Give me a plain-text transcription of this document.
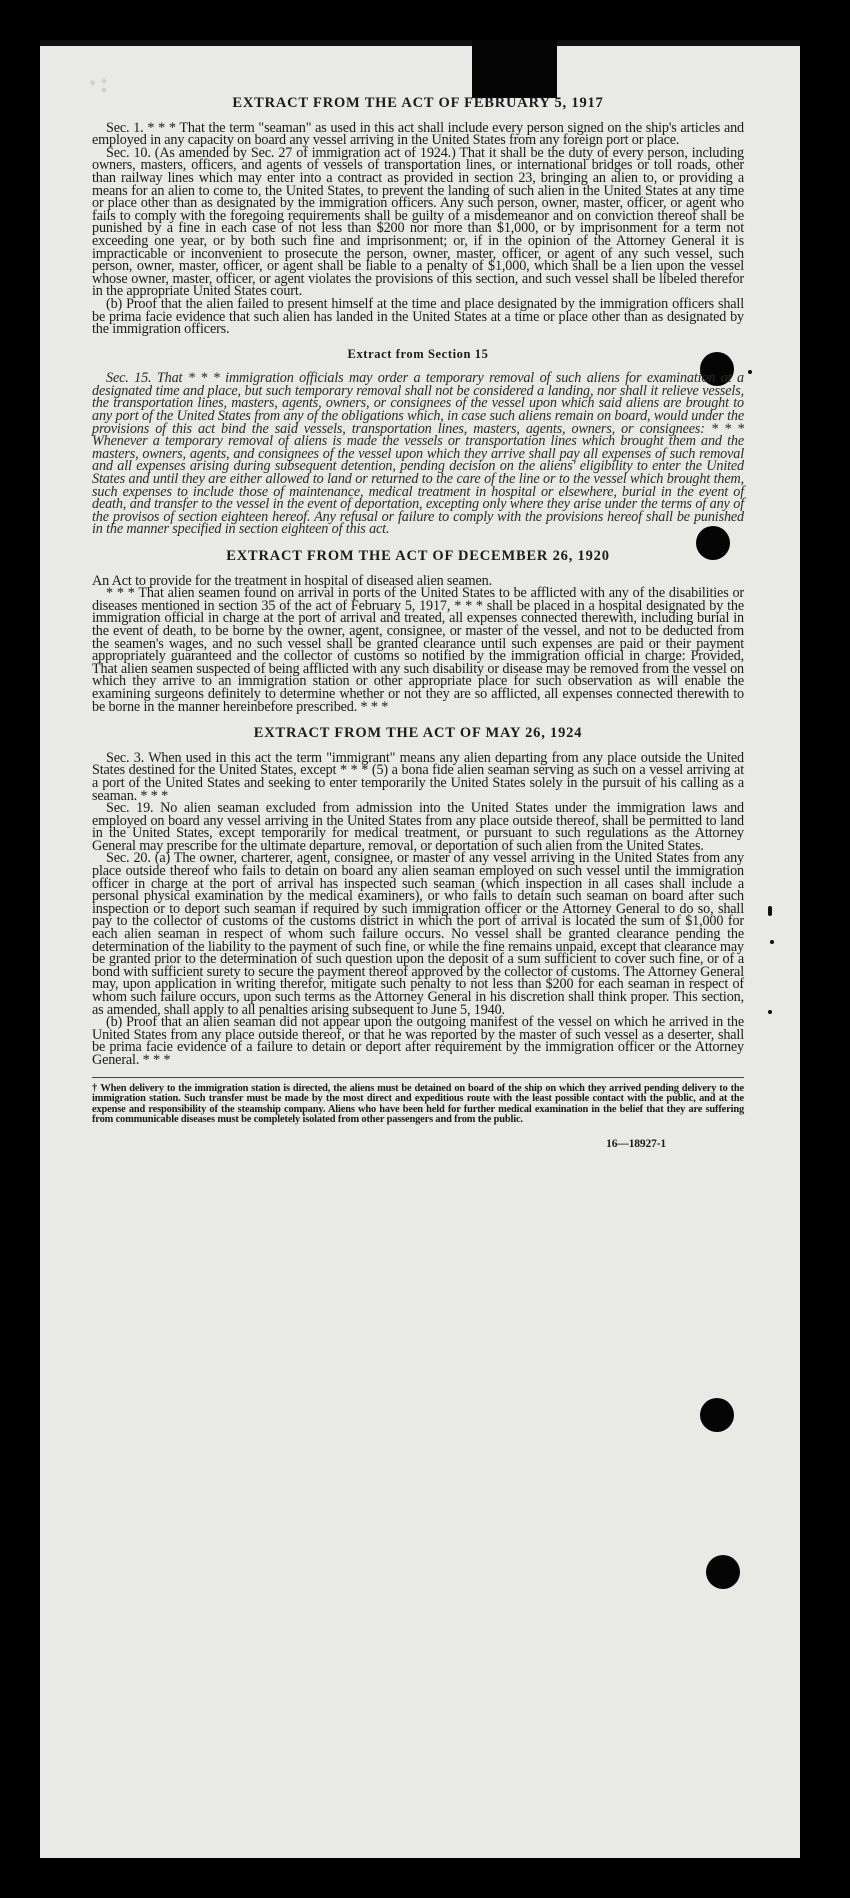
·:
EXTRACT FROM THE ACT OF FEBRUARY 5, 1917

Sec. 1. * * * That the term "seaman" as used in this act shall include every person signed on the ship's articles and employed in any capacity on board any vessel arriving in the United States from any foreign port or place.

Sec. 10. (As amended by Sec. 27 of immigration act of 1924.) That it shall be the duty of every person, including owners, masters, officers, and agents of vessels of transportation lines, or international bridges or toll roads, other than railway lines which may enter into a contract as provided in section 23, bringing an alien to, or providing a means for an alien to come to, the United States, to prevent the landing of such alien in the United States at any time or place other than as designated by the immigration officers. Any such person, owner, master, officer, or agent who fails to comply with the foregoing requirements shall be guilty of a misdemeanor and on conviction thereof shall be punished by a fine in each case of not less than $200 nor more than $1,000, or by imprisonment for a term not exceeding one year, or by both such fine and imprisonment; or, if in the opinion of the Attorney General it is impracticable or inconvenient to prosecute the person, owner, master, officer, or agent of any such vessel, such person, owner, master, officer, or agent shall be liable to a penalty of $1,000, which shall be a lien upon the vessel whose owner, master, officer, or agent violates the provisions of this section, and such vessel shall be libeled therefor in the appropriate United States court.

(b) Proof that the alien failed to present himself at the time and place designated by the immigration officers shall be prima facie evidence that such alien has landed in the United States at a time or place other than as designated by the immigration officers.

Extract from Section 15

Sec. 15. That * * * immigration officials may order a temporary removal of such aliens for examination at a designated time and place, but such temporary removal shall not be considered a landing, nor shall it relieve vessels, the transportation lines, masters, agents, owners, or consignees of the vessel upon which said aliens are brought to any port of the United States from any of the obligations which, in case such aliens remain on board, would under the provisions of this act bind the said vessels, transportation lines, masters, agents, owners, or consignees: * * * Whenever a temporary removal of aliens is made the vessels or transportation lines which brought them and the masters, owners, agents, and consignees of the vessel upon which they arrive shall pay all expenses of such removal and all expenses arising during subsequent detention, pending decision on the aliens' eligibility to enter the United States and until they are either allowed to land or returned to the care of the line or to the vessel which brought them, such expenses to include those of maintenance, medical treatment in hospital or elsewhere, burial in the event of death, and transfer to the vessel in the event of deportation, excepting only where they arise under the terms of any of the provisos of section eighteen hereof. Any refusal or failure to comply with the provisions hereof shall be punished in the manner specified in section eighteen of this act.

EXTRACT FROM THE ACT OF DECEMBER 26, 1920

An Act to provide for the treatment in hospital of diseased alien seamen.

* * * That alien seamen found on arrival in ports of the United States to be afflicted with any of the disabilities or diseases mentioned in section 35 of the act of February 5, 1917, * * * shall be placed in a hospital designated by the immigration official in charge at the port of arrival and treated, all expenses connected therewith, including burial in the event of death, to be borne by the owner, agent, consignee, or master of the vessel, and not to be deducted from the seamen's wages, and no such vessel shall be granted clearance until such expenses are paid or their payment appropriately guaranteed and the collector of customs so notified by the immigration official in charge: Provided, That alien seamen suspected of being afflicted with any such disability or disease may be removed from the vessel on which they arrive to an immigration station or other appropriate place for such observation as will enable the examining surgeons definitely to determine whether or not they are so afflicted, all expenses connected therewith to be borne in the manner hereinbefore prescribed. * * *

EXTRACT FROM THE ACT OF MAY 26, 1924

Sec. 3. When used in this act the term "immigrant" means any alien departing from any place outside the United States destined for the United States, except * * * (5) a bona fide alien seaman serving as such on a vessel arriving at a port of the United States and seeking to enter temporarily the United States solely in the pursuit of his calling as a seaman. * * *

Sec. 19. No alien seaman excluded from admission into the United States under the immigration laws and employed on board any vessel arriving in the United States from any place outside thereof, shall be permitted to land in the United States, except temporarily for medical treatment, or pursuant to such regulations as the Attorney General may prescribe for the ultimate departure, removal, or deportation of such alien from the United States.

Sec. 20. (a) The owner, charterer, agent, consignee, or master of any vessel arriving in the United States from any place outside thereof who fails to detain on board any alien seaman employed on such vessel until the immigration officer in charge at the port of arrival has inspected such seaman (which inspection in all cases shall include a personal physical examination by the medical examiners), or who fails to detain such seaman on board after such inspection or to deport such seaman if required by such immigration officer or the Attorney General to do so, shall pay to the collector of customs of the customs district in which the port of arrival is located the sum of $1,000 for each alien seaman in respect of whom such failure occurs. No vessel shall be granted clearance pending the determination of the liability to the payment of such fine, or while the fine remains unpaid, except that clearance may be granted prior to the determination of such question upon the deposit of a sum sufficient to cover such fine, or of a bond with sufficient surety to secure the payment thereof approved by the collector of customs. The Attorney General may, upon application in writing therefor, mitigate such penalty to not less than $200 for each seaman in respect of whom such failure occurs, upon such terms as the Attorney General in his discretion shall think proper. This section, as amended, shall apply to all penalties arising subsequent to June 5, 1940.

(b) Proof that an alien seaman did not appear upon the outgoing manifest of the vessel on which he arrived in the United States from any place outside thereof, or that he was reported by the master of such vessel as a deserter, shall be prima facie evidence of a failure to detain or deport after requirement by the immigration officer or the Attorney General. * * *

† When delivery to the immigration station is directed, the aliens must be detained on board of the ship on which they arrived pending delivery to the immigration station. Such transfer must be made by the most direct and expeditious route with the least possible contact with the public, and at the expense and responsibility of the steamship company. Aliens who have been held for further medical examination in the belief that they are suffering from communicable diseases must be completely isolated from other passengers and from the public.

16—18927-1
